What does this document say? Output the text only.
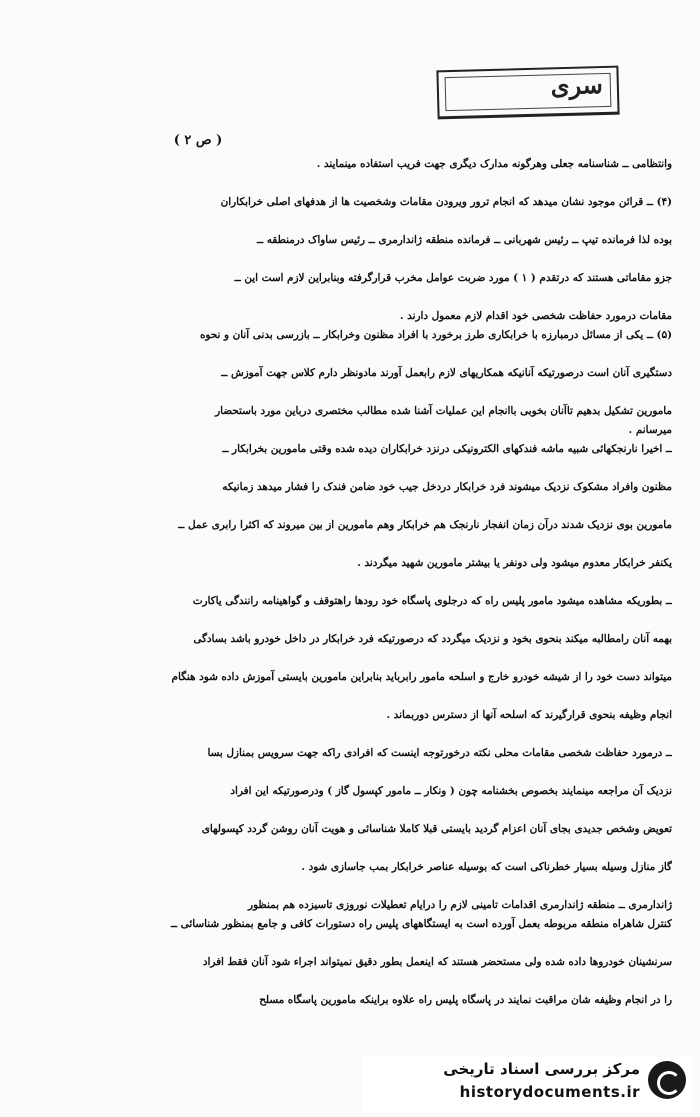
سری
( ص ۲ )
وانتظامی ــ شناسنامه جعلی وهرگونه مدارک دیگری جهت فریب استفاده مینمایند .
(۴) ــ قرائن موجود نشان میدهد که انجام ترور ویرودن مقامات وشخصیت ها از هدفهای اصلی خرابکاران
بوده لذا فرمانده تیپ ــ رئیس شهربانی ــ فرمانده منطقه ژاندارمری ــ رئیس ساواک درمنطقه ــ
جزو مقاماتی هستند که درتقدم ( ۱ ) مورد ضربت عوامل مخرب قرارگرفته وبنابراین لازم است این ــ
مقامات درمورد حفاظت شخصی خود اقدام لازم معمول دارند .
(۵) ــ یکی از مسائل درمبارزه با خرابکاری طرز برخورد با افراد مظنون وخرابکار ــ بازرسی بدنی آنان و نحوه
دستگیری آنان است درصورتیکه آنانیکه همکاریهای لازم رابعمل آورند مادونظر دارم کلاس جهت آموزش ــ
مامورین تشکیل بدهیم تاآنان بخوبی باانجام این عملیات آشنا شده مطالب مختصری درباین مورد باستحضار
میرسانم .
ــ اخیرا نارنجکهائی شبیه ماشه فندکهای الکترونیکی درنزد خرابکاران دیده شده وقتی مامورین بخرابکار ــ
مظنون وافراد مشکوک نزدیک میشوند فرد خرابکار دردخل جیب خود ضامن فندک را فشار میدهد زمانیکه
مامورین بوی نزدیک شدند درآن زمان انفجار نارنجک هم خرابکار وهم مامورین از بین میروند که اکثرا رابری عمل ــ
یکنفر خرابکار معدوم میشود ولی دونفر یا بیشتر مامورین شهید میگردند .
ــ بطوریکه مشاهده میشود مامور پلیس راه که درجلوی پاسگاه خود رودها راهتوقف و گواهینامه رانندگی یاکارت
بهمه آنان رامطالبه میکند بنحوی بخود و نزدیک میگردد که درصورتیکه فرد خرابکار در داخل خودرو باشد بسادگی
میتواند دست خود را از شیشه خودرو خارج و اسلحه مامور رابرباید بنابراین مامورین بایستی آموزش داده شود هنگام
انجام وظیفه بنحوی قرارگیرند که اسلحه آنها از دسترس دوربماند .
ــ درمورد حفاظت شخصی مقامات محلی نکته درخورتوجه اینست که افرادی راکه جهت سرویس بمنازل بسا
نزدیک آن مراجعه مینمایند بخصوص بخشنامه چون ( ونکار ــ مامور کپسول گاز ) ودرصورتیکه این افراد
تعویض وشخص جدیدی بجای آنان اعزام گردید بایستی قبلا کاملا شناسائی و هویت آنان روشن گردد کپسولهای
گاز منازل وسیله بسیار خطرناکی است که بوسیله عناصر خرابکار بمب جاسازی شود .
ژاندارمری ــ منطقه ژاندارمری اقدامات تامینی لازم را درایام تعطیلات نوروزی تاسیزده هم بمنظور
کنترل شاهراه منطقه مربوطه بعمل آورده است به ایستگاههای پلیس راه دستورات کافی و جامع بمنظور شناسائی ــ
سرنشینان خودروها داده شده ولی مستحضر هستند که اینعمل بطور دقیق نمیتواند اجراء شود آنان فقط افراد
را در انجام وظیفه شان مراقبت نمایند در پاسگاه پلیس راه علاوه براینکه مامورین پاسگاه مسلح
مرکز بررسی اسناد تاریخی
historydocuments.ir
